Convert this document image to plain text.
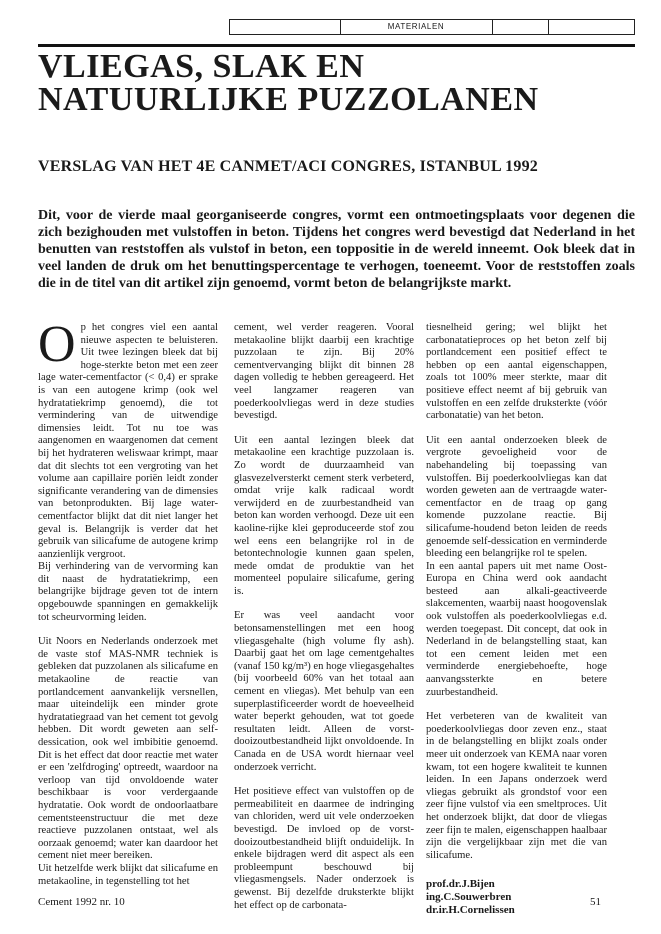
MATERIALEN
VLIEGAS, SLAK EN
NATUURLIJKE PUZZOLANEN
VERSLAG VAN HET 4E CANMET/ACI CONGRES, ISTANBUL 1992

Dit, voor de vierde maal georganiseerde congres, vormt een ontmoetingsplaats voor degenen die zich bezighouden met vulstoffen in beton. Tijdens het congres werd bevestigd dat Nederland in het benutten van reststoffen als vulstof in beton, een toppositie in de wereld inneemt. Ook bleek dat in veel landen de druk om het benuttingspercentage te verhogen, toeneemt. Voor de reststoffen zoals die in de titel van dit artikel zijn genoemd, vormt beton de belangrijkste markt.

Op het congres viel een aantal nieuwe aspecten te beluisteren. Uit twee lezingen bleek dat bij hoge-sterkte beton met een zeer lage water-cementfactor (< 0,4) er sprake is van een autogene krimp (ook wel hydratatiekrimp genoemd), die tot vermindering van de uitwendige dimensies leidt. Tot nu toe was aangenomen en waargenomen dat cement bij het hydrateren weliswaar krimpt, maar dat dit slechts tot een vergroting van het volume aan capillaire poriën leidt zonder significante verandering van de dimensies van betonprodukten. Bij lage water-cementfactor blijkt dat dit niet langer het geval is. Belangrijk is verder dat het gebruik van silicafume de autogene krimp aanzienlijk vergroot.

Bij verhindering van de vervorming kan dit naast de hydratatiekrimp, een belangrijke bijdrage geven tot de intern opgebouwde spanningen en gemakkelijk tot scheurvorming leiden.

Uit Noors en Nederlands onderzoek met de vaste stof MAS-NMR techniek is gebleken dat puzzolanen als silicafume en metakaoline de reactie van portlandcement aanvankelijk versnellen, maar uiteindelijk een minder grote hydratatiegraad van het cement tot gevolg hebben. Dit wordt geweten aan self-dessication, ook wel imbibitie genoemd. Dit is het effect dat door reactie met water er een 'zelfdroging' optreedt, waardoor na verloop van tijd onvoldoende water beschikbaar is voor verdergaande hydratatie. Ook wordt de ondoorlaatbare cementsteenstructuur die met deze reactieve puzzolanen ontstaat, wel als oorzaak genoemd; water kan daardoor het cement niet meer bereiken.

Uit hetzelfde werk blijkt dat silicafume en metakaoline, in tegenstelling tot het

cement, wel verder reageren. Vooral metakaoline blijkt daarbij een krachtige puzzolaan te zijn. Bij 20% cementvervanging blijkt dit binnen 28 dagen volledig te hebben gereageerd. Het veel langzamer reageren van poederkoolvliegas werd in deze studies bevestigd.

Uit een aantal lezingen bleek dat metakaoline een krachtige puzzolaan is. Zo wordt de duurzaamheid van glasvezelversterkt cement sterk verbeterd, omdat vrije kalk radicaal wordt verwijderd en de zuurbestandheid van beton kan worden verhoogd. Deze uit een kaoline-rijke klei geproduceerde stof zou wel eens een belangrijke rol in de betontechnologie kunnen gaan spelen, mede omdat de produktie van het momenteel populaire silicafume, gering is.

Er was veel aandacht voor betonsamenstellingen met een hoog vliegasgehalte (high volume fly ash). Daarbij gaat het om lage cementgehaltes (vanaf 150 kg/m³) en hoge vliegasgehaltes (bij voorbeeld 60% van het totaal aan cement en vliegas). Met behulp van een superplastificeerder wordt de hoeveelheid water beperkt gehouden, wat tot goede resultaten leidt. Alleen de vorst-dooizoutbestandheid lijkt onvoldoende. In Canada en de USA wordt hiernaar veel onderzoek verricht.

Het positieve effect van vulstoffen op de permeabiliteit en daarmee de indringing van chloriden, werd uit vele onderzoeken bevestigd. De invloed op de vorst-dooizoutbestandheid blijft onduidelijk. In enkele bijdragen werd dit aspect als een probleempunt beschouwd bij vliegasmengsels. Nader onderzoek is gewenst. Bij dezelfde druksterkte blijkt het effect op de carbonata-

tiesnelheid gering; wel blijkt het carbonatatieproces op het beton zelf bij portlandcement een positief effect te hebben op een aantal eigenschappen, zoals tot 100% meer sterkte, maar dit positieve effect neemt af bij gebruik van vulstoffen en een zelfde druksterkte (vóór carbonatatie) van het beton.

Uit een aantal onderzoeken bleek de vergrote gevoeligheid voor de nabehandeling bij toepassing van vulstoffen. Bij poederkoolvliegas kan dat worden geweten aan de vertraagde water-cementfactor en de traag op gang komende puzzolane reactie. Bij silicafume-houdend beton leiden de reeds genoemde self-dessication en verminderde bleeding een belangrijke rol te spelen.

In een aantal papers uit met name Oost-Europa en China werd ook aandacht besteed aan alkali-geactiveerde slakcementen, waarbij naast hoogovenslak ook vulstoffen als poederkoolvliegas e.d. werden toegepast. Dit concept, dat ook in Nederland in de belangstelling staat, kan tot een cement leiden met een verminderde energiebehoefte, hoge aanvangssterkte en betere zuurbestandheid.

Het verbeteren van de kwaliteit van poederkoolvliegas door zeven enz., staat in de belangstelling en blijkt zoals onder meer uit onderzoek van KEMA naar voren kwam, tot een hogere kwaliteit te kunnen leiden. In een Japans onderzoek werd vliegas gebruikt als grondstof voor een zeer fijne vulstof via een smeltproces. Uit het onderzoek blijkt, dat door de vliegas zeer fijn te malen, eigenschappen haalbaar zijn die vergelijkbaar zijn met die van silicafume.

prof.dr.J.Bijen
ing.C.Souwerbren
dr.ir.H.Cornelissen
Cement 1992 nr. 10	51
